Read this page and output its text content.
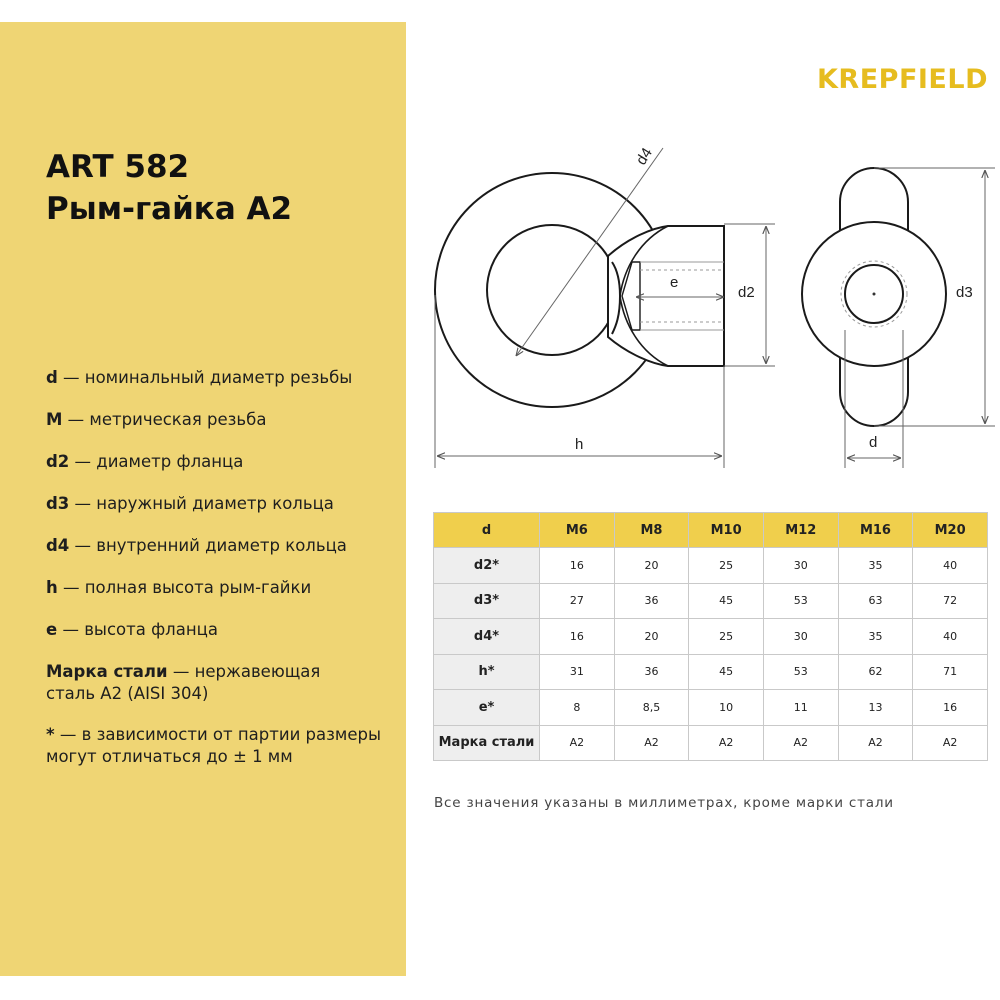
ART 582
Рым-гайка А2
d — номинальный диаметр резьбы
M — метрическая резьба
d2 — диаметр фланца
d3 — наружный диаметр кольца
d4 — внутренний диаметр кольца
h — полная высота рым-гайки
e — высота фланца
Марка стали — нержавеющая сталь А2 (AISI 304)
* — в зависимости от партии размеры могут отличаться до ± 1 мм
KREPFIELD
d4
e
d2
h
d3
d
d	M6	M8	M10	M12	M16	M20
d2*	16	20	25	30	35	40
d3*	27	36	45	53	63	72
d4*	16	20	25	30	35	40
h*	31	36	45	53	62	71
e*	8	8,5	10	11	13	16
Марка стали	A2	A2	A2	A2	A2	A2
Все значения указаны в миллиметрах, кроме марки стали
